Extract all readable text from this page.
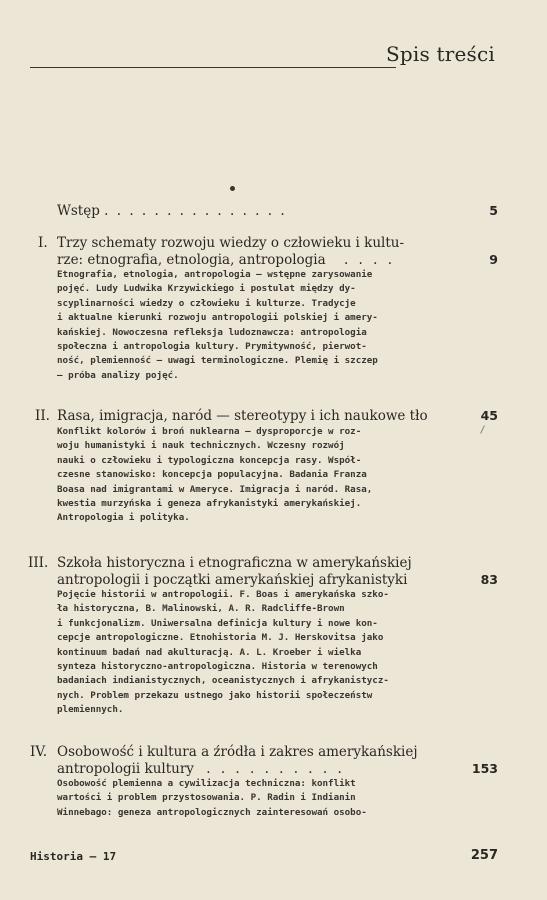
Spis treści
Wstęp . . . . . . . . . . . . . . .	5
I. Trzy schematy rozwoju wiedzy o człowieku i kultu-
rze: etnografia, etnologia, antropologia . . . .	9
Etnografia, etnologia, antropologia — wstępne zarysowanie
pojęć. Ludy Ludwika Krzywickiego i postulat między dy-
scyplinarności wiedzy o człowieku i kulturze. Tradycje
i aktualne kierunki rozwoju antropologii polskiej i amery-
kańskiej. Nowoczesna refleksja ludoznawcza: antropologia
społeczna i antropologia kultury. Prymitywność, pierwot-
ność, plemienność — uwagi terminologiczne. Plemię i szczep
— próba analizy pojęć.
II. Rasa, imigracja, naród — stereotypy i ich naukowe tło	45
Konflikt kolorów i broń nuklearna — dysproporcje w roz-
woju humanistyki i nauk technicznych. Wczesny rozwój
nauki o człowieku i typologiczna koncepcja rasy. Współ-
czesne stanowisko: koncepcja populacyjna. Badania Franza
Boasa nad imigrantami w Ameryce. Imigracja i naród. Rasa,
kwestia murzyńska i geneza afrykanistyki amerykańskiej.
Antropologia i polityka.
III. Szkoła historyczna i etnograficzna w amerykańskiej
antropologii i początki amerykańskiej afrykanistyki	83
Pojęcie historii w antropologii. F. Boas i amerykańska szko-
ła historyczna, B. Malinowski, A. R. Radcliffe-Brown
i funkcjonalizm. Uniwersalna definicja kultury i nowe kon-
cepcje antropologiczne. Etnohistoria M. J. Herskovitsa jako
kontinuum badań nad akulturacją. A. L. Kroeber i wielka
synteza historyczno-antropologiczna. Historia w terenowych
badaniach indianistycznych, oceanistycznych i afrykanistycz-
nych. Problem przekazu ustnego jako historii społeczeństw
plemiennych.
IV. Osobowość i kultura a źródła i zakres amerykańskiej
antropologii kultury . . . . . . . . . .	153
Osobowość plemienna a cywilizacja techniczna: konflikt
wartości i problem przystosowania. P. Radin i Indianin
Winnebago: geneza antropologicznych zainteresowań osobo-
Historia — 17	257
